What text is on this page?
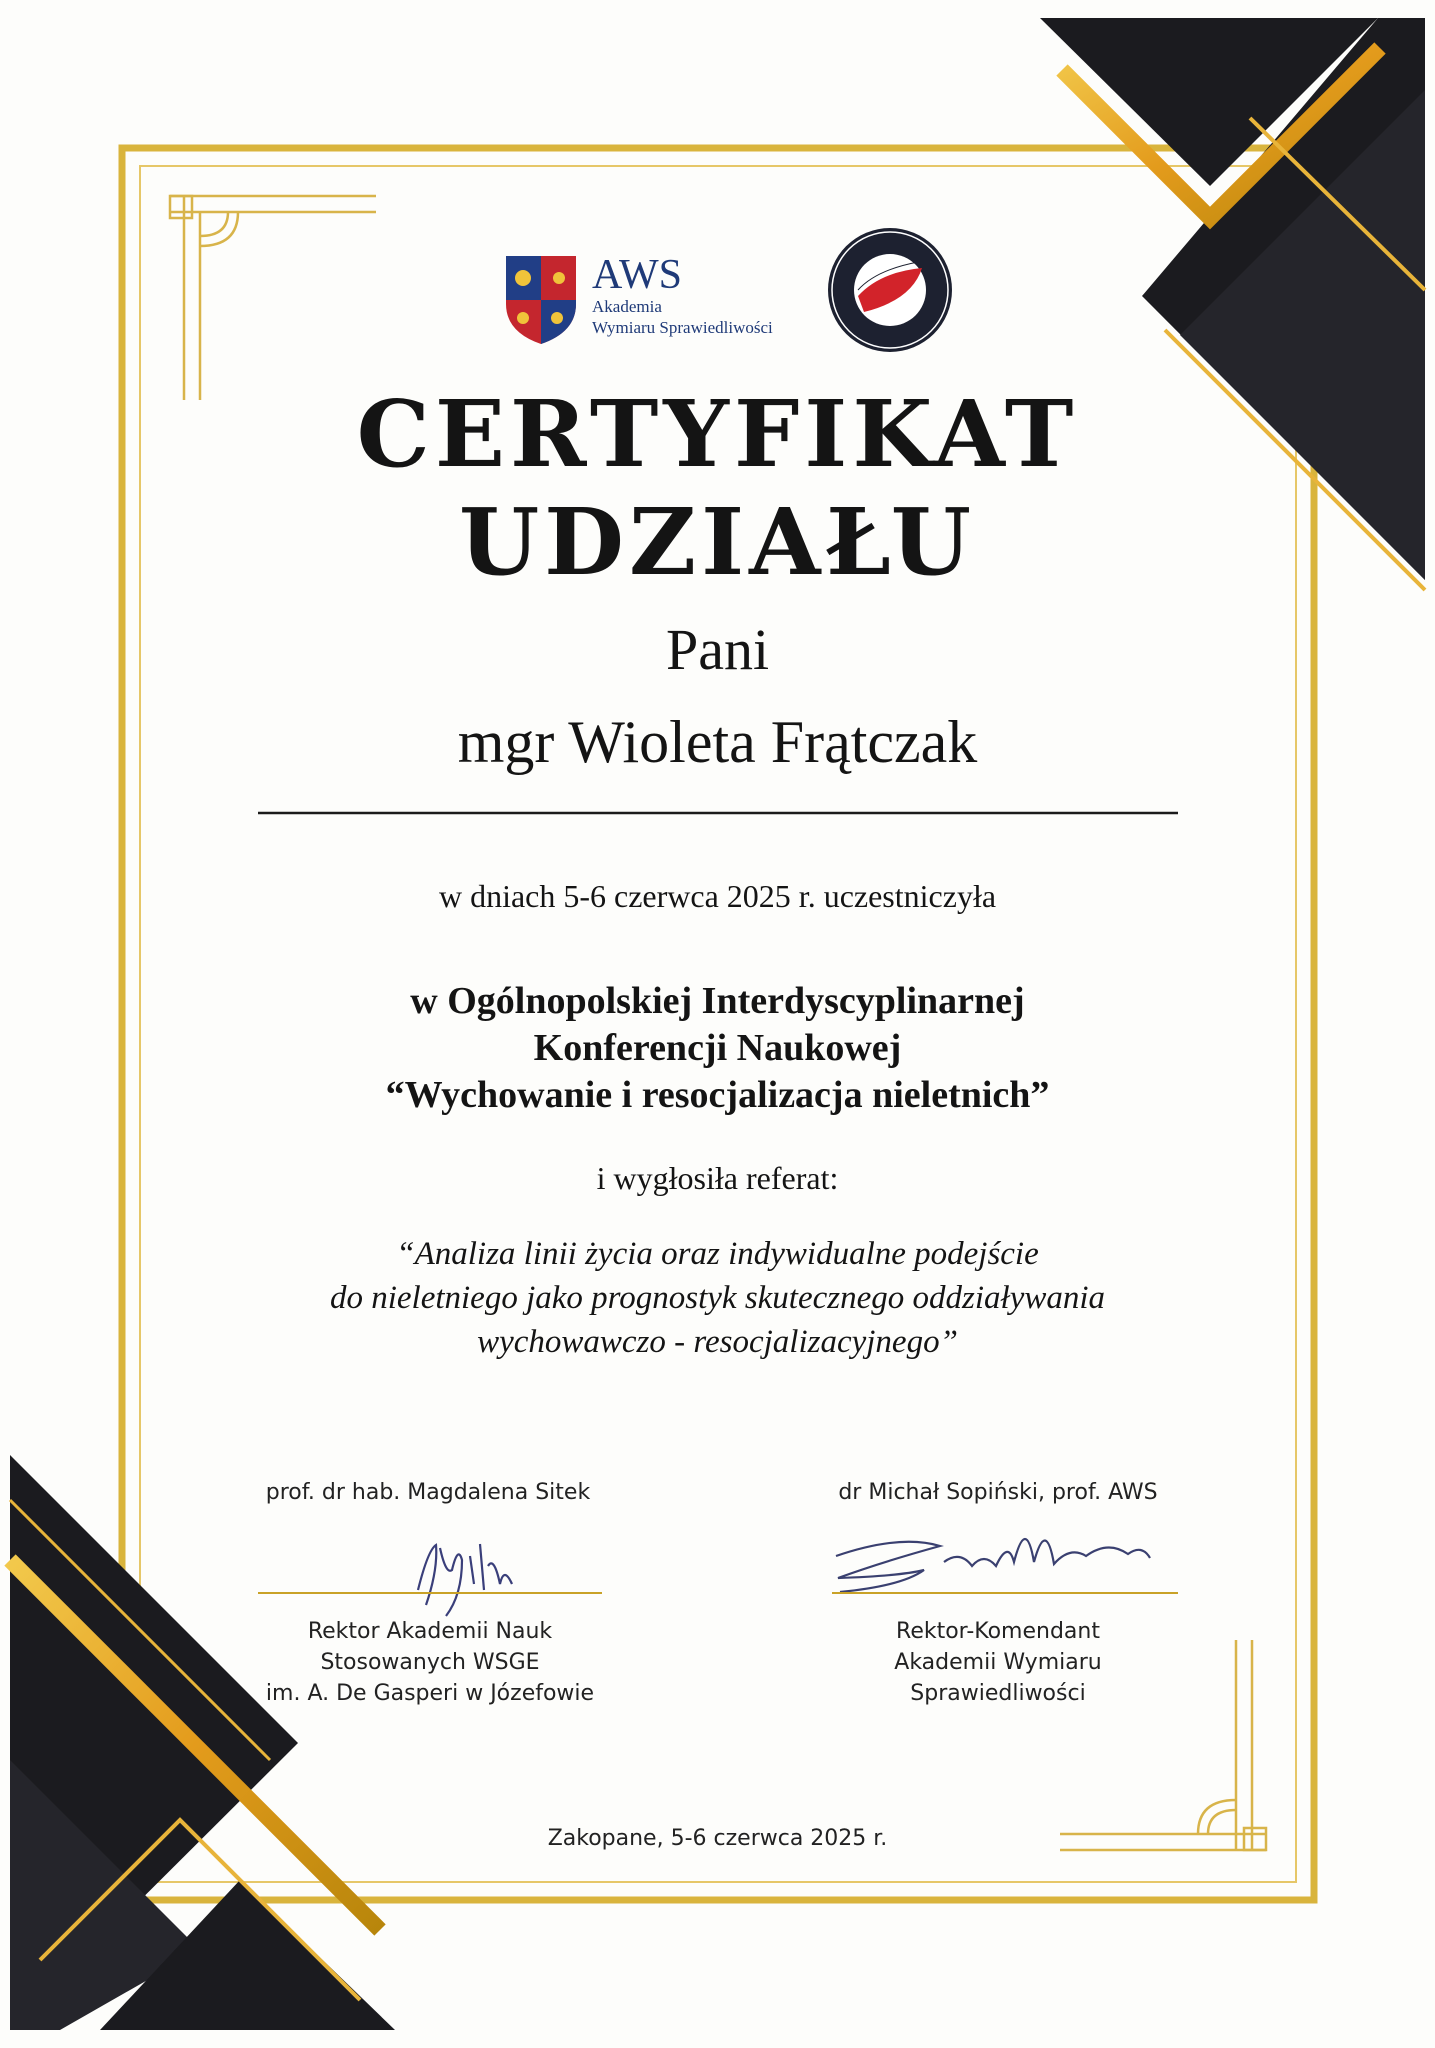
AWS
Akademia
Wymiaru Sprawiedliwości
CERTYFIKAT
UDZIAŁU
Pani
mgr Wioleta Frątczak
w dniach 5-6 czerwca 2025 r. uczestniczyła
w Ogólnopolskiej Interdyscyplinarnej
Konferencji Naukowej
“Wychowanie i resocjalizacja nieletnich”
i wygłosiła referat:
“Analiza linii życia oraz indywidualne podejście
do nieletniego jako prognostyk skutecznego oddziaływania
wychowawczo - resocjalizacyjnego”
prof. dr hab. Magdalena Sitek
Rektor Akademii Nauk
Stosowanych WSGE
im. A. De Gasperi w Józefowie
dr Michał Sopiński, prof. AWS
Rektor-Komendant
Akademii Wymiaru
Sprawiedliwości
Zakopane, 5-6 czerwca 2025 r.
